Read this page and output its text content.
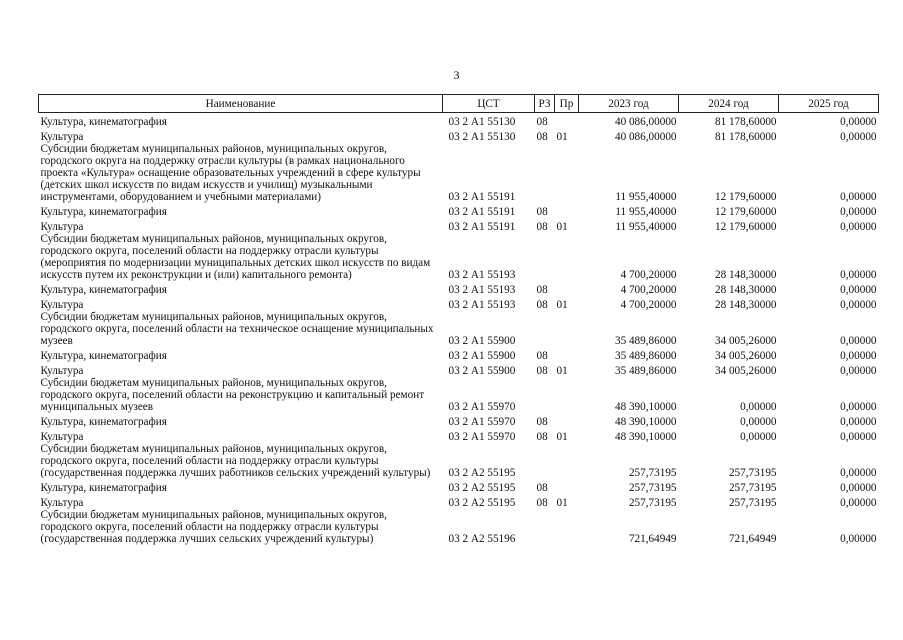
3
Наименование	ЦСТ	РЗ	Пр	2023 год	2024 год	2025 год
Культура, кинематография	03 2 А1 55130	08		40 086,00000	81 178,60000	0,00000
Культура	03 2 А1 55130	08	01	40 086,00000	81 178,60000	0,00000
Субсидии бюджетам муниципальных районов, муниципальных округов, городского округа на поддержку отрасли культуры (в рамках национального проекта «Культура» оснащение образовательных учреждений в сфере культуры (детских школ искусств по видам искусств и училищ) музыкальными инструментами, оборудованием и учебными материалами)	03 2 А1 55191			11 955,40000	12 179,60000	0,00000
Культура, кинематография	03 2 А1 55191	08		11 955,40000	12 179,60000	0,00000
Культура	03 2 А1 55191	08	01	11 955,40000	12 179,60000	0,00000
Субсидии бюджетам муниципальных районов, муниципальных округов, городского округа, поселений области на поддержку отрасли культуры (мероприятия по модернизации муниципальных детских школ искусств по видам искусств путем их реконструкции и (или) капитального ремонта)	03 2 А1 55193			4 700,20000	28 148,30000	0,00000
Культура, кинематография	03 2 А1 55193	08		4 700,20000	28 148,30000	0,00000
Культура	03 2 А1 55193	08	01	4 700,20000	28 148,30000	0,00000
Субсидии бюджетам муниципальных районов, муниципальных округов, городского округа, поселений области на техническое оснащение муниципальных музеев	03 2 А1 55900			35 489,86000	34 005,26000	0,00000
Культура, кинематография	03 2 А1 55900	08		35 489,86000	34 005,26000	0,00000
Культура	03 2 А1 55900	08	01	35 489,86000	34 005,26000	0,00000
Субсидии бюджетам муниципальных районов, муниципальных округов, городского округа, поселений области на реконструкцию и капитальный ремонт муниципальных музеев	03 2 А1 55970			48 390,10000	0,00000	0,00000
Культура, кинематография	03 2 А1 55970	08		48 390,10000	0,00000	0,00000
Культура	03 2 А1 55970	08	01	48 390,10000	0,00000	0,00000
Субсидии бюджетам муниципальных районов, муниципальных округов, городского округа, поселений области на поддержку отрасли культуры (государственная поддержка лучших работников сельских учреждений культуры)	03 2 А2 55195			257,73195	257,73195	0,00000
Культура, кинематография	03 2 А2 55195	08		257,73195	257,73195	0,00000
Культура	03 2 А2 55195	08	01	257,73195	257,73195	0,00000
Субсидии бюджетам муниципальных районов, муниципальных округов, городского округа, поселений области на поддержку отрасли культуры (государственная поддержка лучших сельских учреждений культуры)	03 2 А2 55196			721,64949	721,64949	0,00000
